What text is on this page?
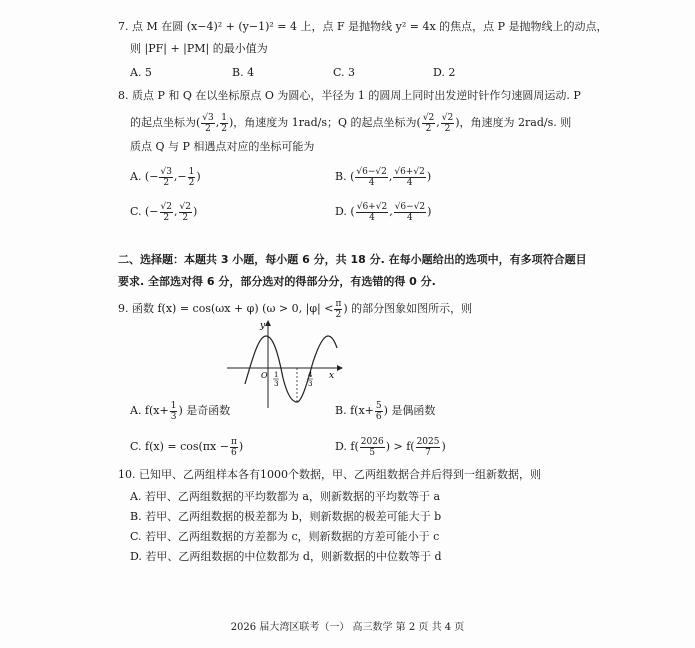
7. 点 M 在圆 (x−4)² + (y−1)² = 4 上，点 F 是抛物线 y² = 4x 的焦点，点 P 是抛物线上的动点，
则 |PF| + |PM| 的最小值为
A. 5	B. 4	C. 3	D. 2
8. 质点 P 和 Q 在以坐标原点 O 为圆心，半径为 1 的圆周上同时出发逆时针作匀速圆周运动. P
的起点坐标为( $\frac{√3}{2}$ , $\frac{1}{2}$ )，角速度为 1rad/s；Q 的起点坐标为( $\frac{√2}{2}$ , $\frac{√2}{2}$ )，角速度为 2rad/s. 则
质点 Q 与 P 相遇点对应的坐标可能为
A. (− $\frac{√3}{2}$ ,− $\frac{1}{2}$ )	B. ( $\frac{√6-√2}{4}$ , $\frac{√6+√2}{4}$ )
C. (− $\frac{√2}{2}$ , $\frac{√2}{2}$ )	D. ( $\frac{√6+√2}{4}$ , $\frac{√6-√2}{4}$ )
二、选择题：本题共 3 小题，每小题 6 分，共 18 分. 在每小题给出的选项中，有多项符合题目
要求. 全部选对得 6 分，部分选对的得部分分，有选错的得 0 分.
9. 函数 f(x) = cos(ωx + φ) (ω > 0, $|\varphi| < \frac{\pi}{2}$ ) 的部分图象如图所示，则
y
x
O 1
3
4
3
A. $f(x+ \frac{1}{3}$ ) 是奇函数	B. $f(x+ \frac{5}{6}$ ) 是偶函数
C. $f(x) = \cos(\pi x - \frac{\pi}{6}$ )	D. $f( \frac{2026}{5}$ ) > $f( \frac{2025}{7}$ )
10. 已知甲、乙两组样本各有1000个数据，甲、乙两组数据合并后得到一组新数据，则
A. 若甲、乙两组数据的平均数都为 a，则新数据的平均数等于 a
B. 若甲、乙两组数据的极差都为 b，则新数据的极差可能大于 b
C. 若甲、乙两组数据的方差都为 c，则新数据的方差可能小于 c
D. 若甲、乙两组数据的中位数都为 d，则新数据的中位数等于 d
2026 届大湾区联考（一） 高三数学 第 2 页 共 4 页
